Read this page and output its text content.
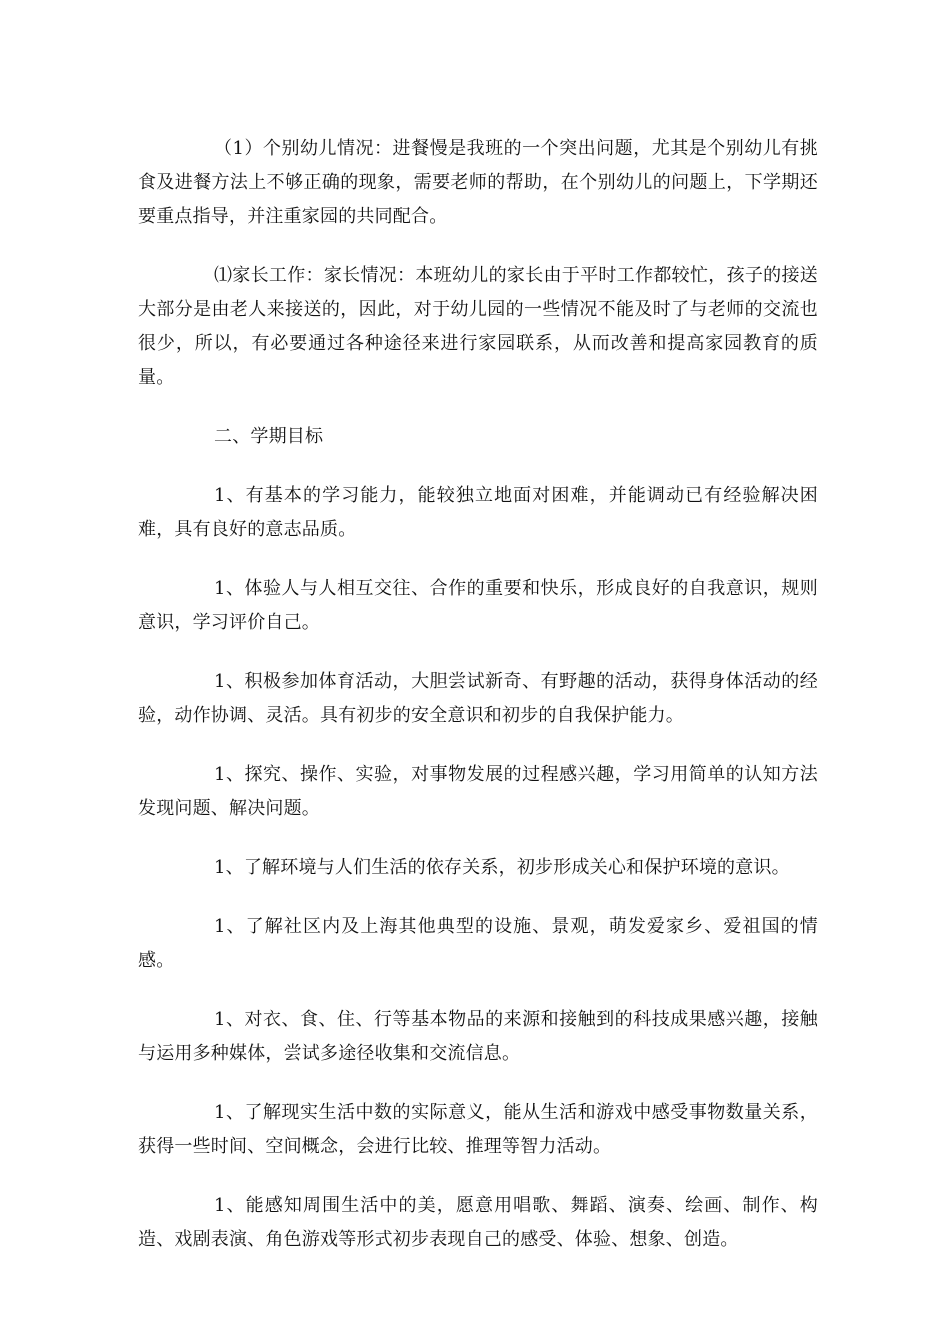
（1）个别幼儿情况：进餐慢是我班的一个突出问题，尤其是个别幼儿有挑食及进餐方法上不够正确的现象，需要老师的帮助，在个别幼儿的问题上，下学期还要重点指导，并注重家园的共同配合。

⑴家长工作：家长情况：本班幼儿的家长由于平时工作都较忙，孩子的接送大部分是由老人来接送的，因此，对于幼儿园的一些情况不能及时了与老师的交流也很少，所以，有必要通过各种途径来进行家园联系，从而改善和提高家园教育的质量。

二、学期目标

1、有基本的学习能力，能较独立地面对困难，并能调动已有经验解决困难，具有良好的意志品质。

1、体验人与人相互交往、合作的重要和快乐，形成良好的自我意识，规则意识，学习评价自己。

1、积极参加体育活动，大胆尝试新奇、有野趣的活动，获得身体活动的经验，动作协调、灵活。具有初步的安全意识和初步的自我保护能力。

1、探究、操作、实验，对事物发展的过程感兴趣，学习用简单的认知方法发现问题、解决问题。

1、了解环境与人们生活的依存关系，初步形成关心和保护环境的意识。

1、了解社区内及上海其他典型的设施、景观，萌发爱家乡、爱祖国的情感。

1、对衣、食、住、行等基本物品的来源和接触到的科技成果感兴趣，接触与运用多种媒体，尝试多途径收集和交流信息。

1、了解现实生活中数的实际意义，能从生活和游戏中感受事物数量关系，获得一些时间、空间概念，会进行比较、推理等智力活动。

1、能感知周围生活中的美，愿意用唱歌、舞蹈、演奏、绘画、制作、构造、戏剧表演、角色游戏等形式初步表现自己的感受、体验、想象、创造。
